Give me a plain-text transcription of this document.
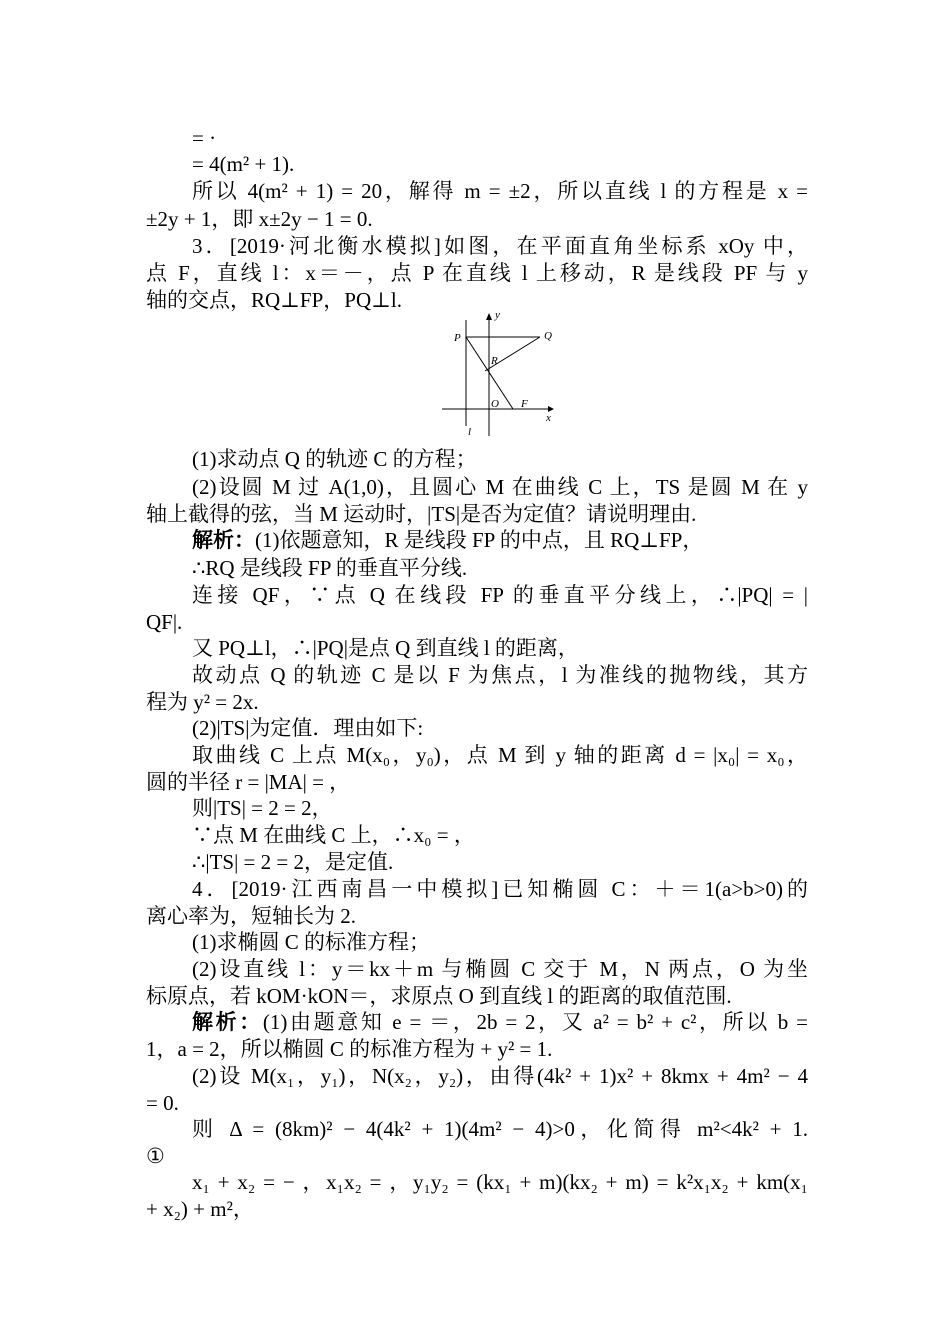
= ·
= 4(m² + 1).
所以 4(m² + 1) = 20，解得 m = ±2，所以直线 l 的方程是 x =
±2y + 1，即 x±2y − 1 = 0.
3．[2019·河北衡水模拟]如图，在平面直角坐标系 xOy 中，
点 F，直线 l：x＝－，点 P 在直线 l 上移动，R 是线段 PF 与 y
轴的交点，RQ⊥FP，PQ⊥l.
y
P	Q
R
O F
x
l
(1)求动点 Q 的轨迹 C 的方程；
(2)设圆 M 过 A(1,0)，且圆心 M 在曲线 C 上，TS 是圆 M 在 y
轴上截得的弦，当 M 运动时，|TS|是否为定值？请说明理由.
解析：(1)依题意知，R 是线段 FP 的中点，且 RQ⊥FP，
∴RQ 是线段 FP 的垂直平分线.
连接 QF，∵点 Q 在线段 FP 的垂直平分线上，∴|PQ| = |
QF|.
又 PQ⊥l，∴|PQ|是点 Q 到直线 l 的距离，
故动点 Q 的轨迹 C 是以 F 为焦点，l 为准线的抛物线，其方
程为 y² = 2x.
(2)|TS|为定值．理由如下:
取曲线 C 上点 M(x₀，y₀)，点 M 到 y 轴的距离 d = |x₀| = x₀，
圆的半径 r = |MA| = ，
则|TS| = 2 = 2，
∵点 M 在曲线 C 上，∴x₀ = ，
∴|TS| = 2 = 2，是定值.
4．[2019·江西南昌一中模拟]已知椭圆 C：＋＝1(a>b>0)的
离心率为，短轴长为 2.
(1)求椭圆 C 的标准方程；
(2)设直线 l：y＝kx＋m 与椭圆 C 交于 M，N 两点，O 为坐
标原点，若 kOM·kON＝，求原点 O 到直线 l 的距离的取值范围.
解析：(1)由题意知 e = ＝，2b = 2，又 a² = b² + c²，所以 b =
1，a = 2，所以椭圆 C 的标准方程为 + y² = 1.
(2)设 M(x₁，y₁)，N(x₂，y₂)，由得(4k² + 1)x² + 8kmx + 4m² − 4
= 0.
则 Δ = (8km)² − 4(4k² + 1)(4m² − 4)>0，化简得 m²<4k² + 1.
①
x₁ + x₂ = − ，x₁x₂ = ，y₁y₂ = (kx₁ + m)(kx₂ + m) = k²x₁x₂ + km(x₁
+ x₂) + m²，
